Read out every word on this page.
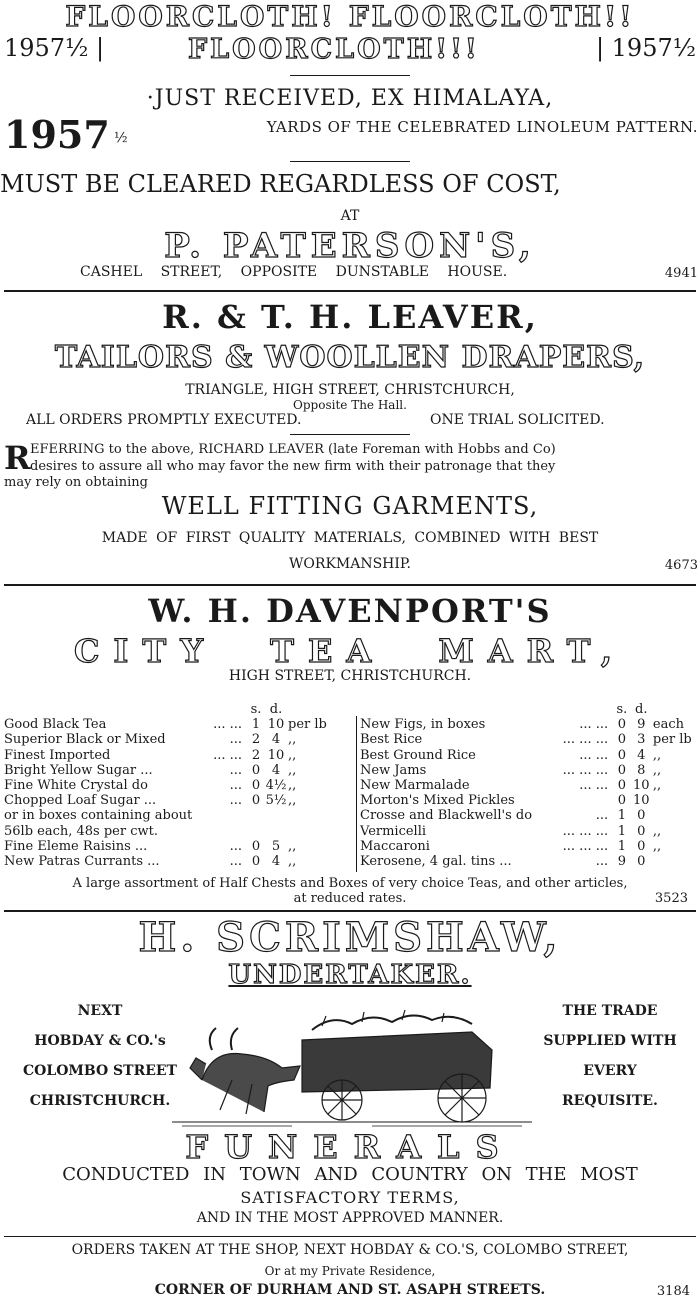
FLOORCLOTH! FLOORCLOTH!!
1957½ |	FLOORCLOTH!!!	| 1957½
·JUST RECEIVED, EX HIMALAYA,
1957 ½
YARDS OF THE CELEBRATED LINOLEUM PATTERN.
MUST BE CLEARED REGARDLESS OF COST,
AT
P. PATERSON'S,
CASHEL STREET, OPPOSITE DUNSTABLE HOUSE.	4941
R. & T. H. LEAVER,
TAILORS & WOOLLEN DRAPERS,
TRIANGLE, HIGH STREET, CHRISTCHURCH,
Opposite The Hall.
ALL ORDERS PROMPTLY EXECUTED.	ONE TRIAL SOLICITED.
R EFERRING to the above, RICHARD LEAVER (late Foreman with Hobbs and Co)
desires to assure all who may favor the new firm with their patronage that they
may rely on obtaining
WELL FITTING GARMENTS,
MADE OF FIRST QUALITY MATERIALS, COMBINED WITH BEST
WORKMANSHIP.	4673
W. H. DAVENPORT'S
CITY TEA MART,
HIGH STREET, CHRISTCHURCH.
		s.	d.	
Good Black Tea	... ...	1	10	per lb
Superior Black or Mixed	...	2	4	,,
Finest Imported	... ...	2	10	,,
Bright Yellow Sugar ...	...	0	4	,,
Fine White Crystal do	...	0	4½	,,
Chopped Loaf Sugar ...	...	0	5½	,,
or in boxes containing about				
56lb each, 48s per cwt.				
Fine Eleme Raisins ...	...	0	5	,,
New Patras Currants ...	...	0	4	,,
		s.	d.	
New Figs, in boxes	... ...	0	9	each
Best Rice	... ... ...	0	3	per lb
Best Ground Rice	... ...	0	4	,,
New Jams	... ... ...	0	8	,,
New Marmalade	... ...	0	10	,,
Morton's Mixed Pickles		0	10	
Crosse and Blackwell's do	...	1	0	
Vermicelli	... ... ...	1	0	,,
Maccaroni	... ... ...	1	0	,,
Kerosene, 4 gal. tins ...	...	9	0	
A large assortment of Half Chests and Boxes of very choice Teas, and other articles,
at reduced rates.	3523
H. SCRIMSHAW,
UNDERTAKER.
NEXT
HOBDAY & CO.'s
COLOMBO STREET
CHRISTCHURCH.
THE TRADE
SUPPLIED WITH
EVERY
REQUISITE.
FUNERALS
CONDUCTED IN TOWN AND COUNTRY ON THE MOST
SATISFACTORY TERMS,
AND IN THE MOST APPROVED MANNER.
ORDERS TAKEN AT THE SHOP, NEXT HOBDAY & CO.'S, COLOMBO STREET,
Or at my Private Residence,
CORNER OF DURHAM AND ST. ASAPH STREETS.	3184
